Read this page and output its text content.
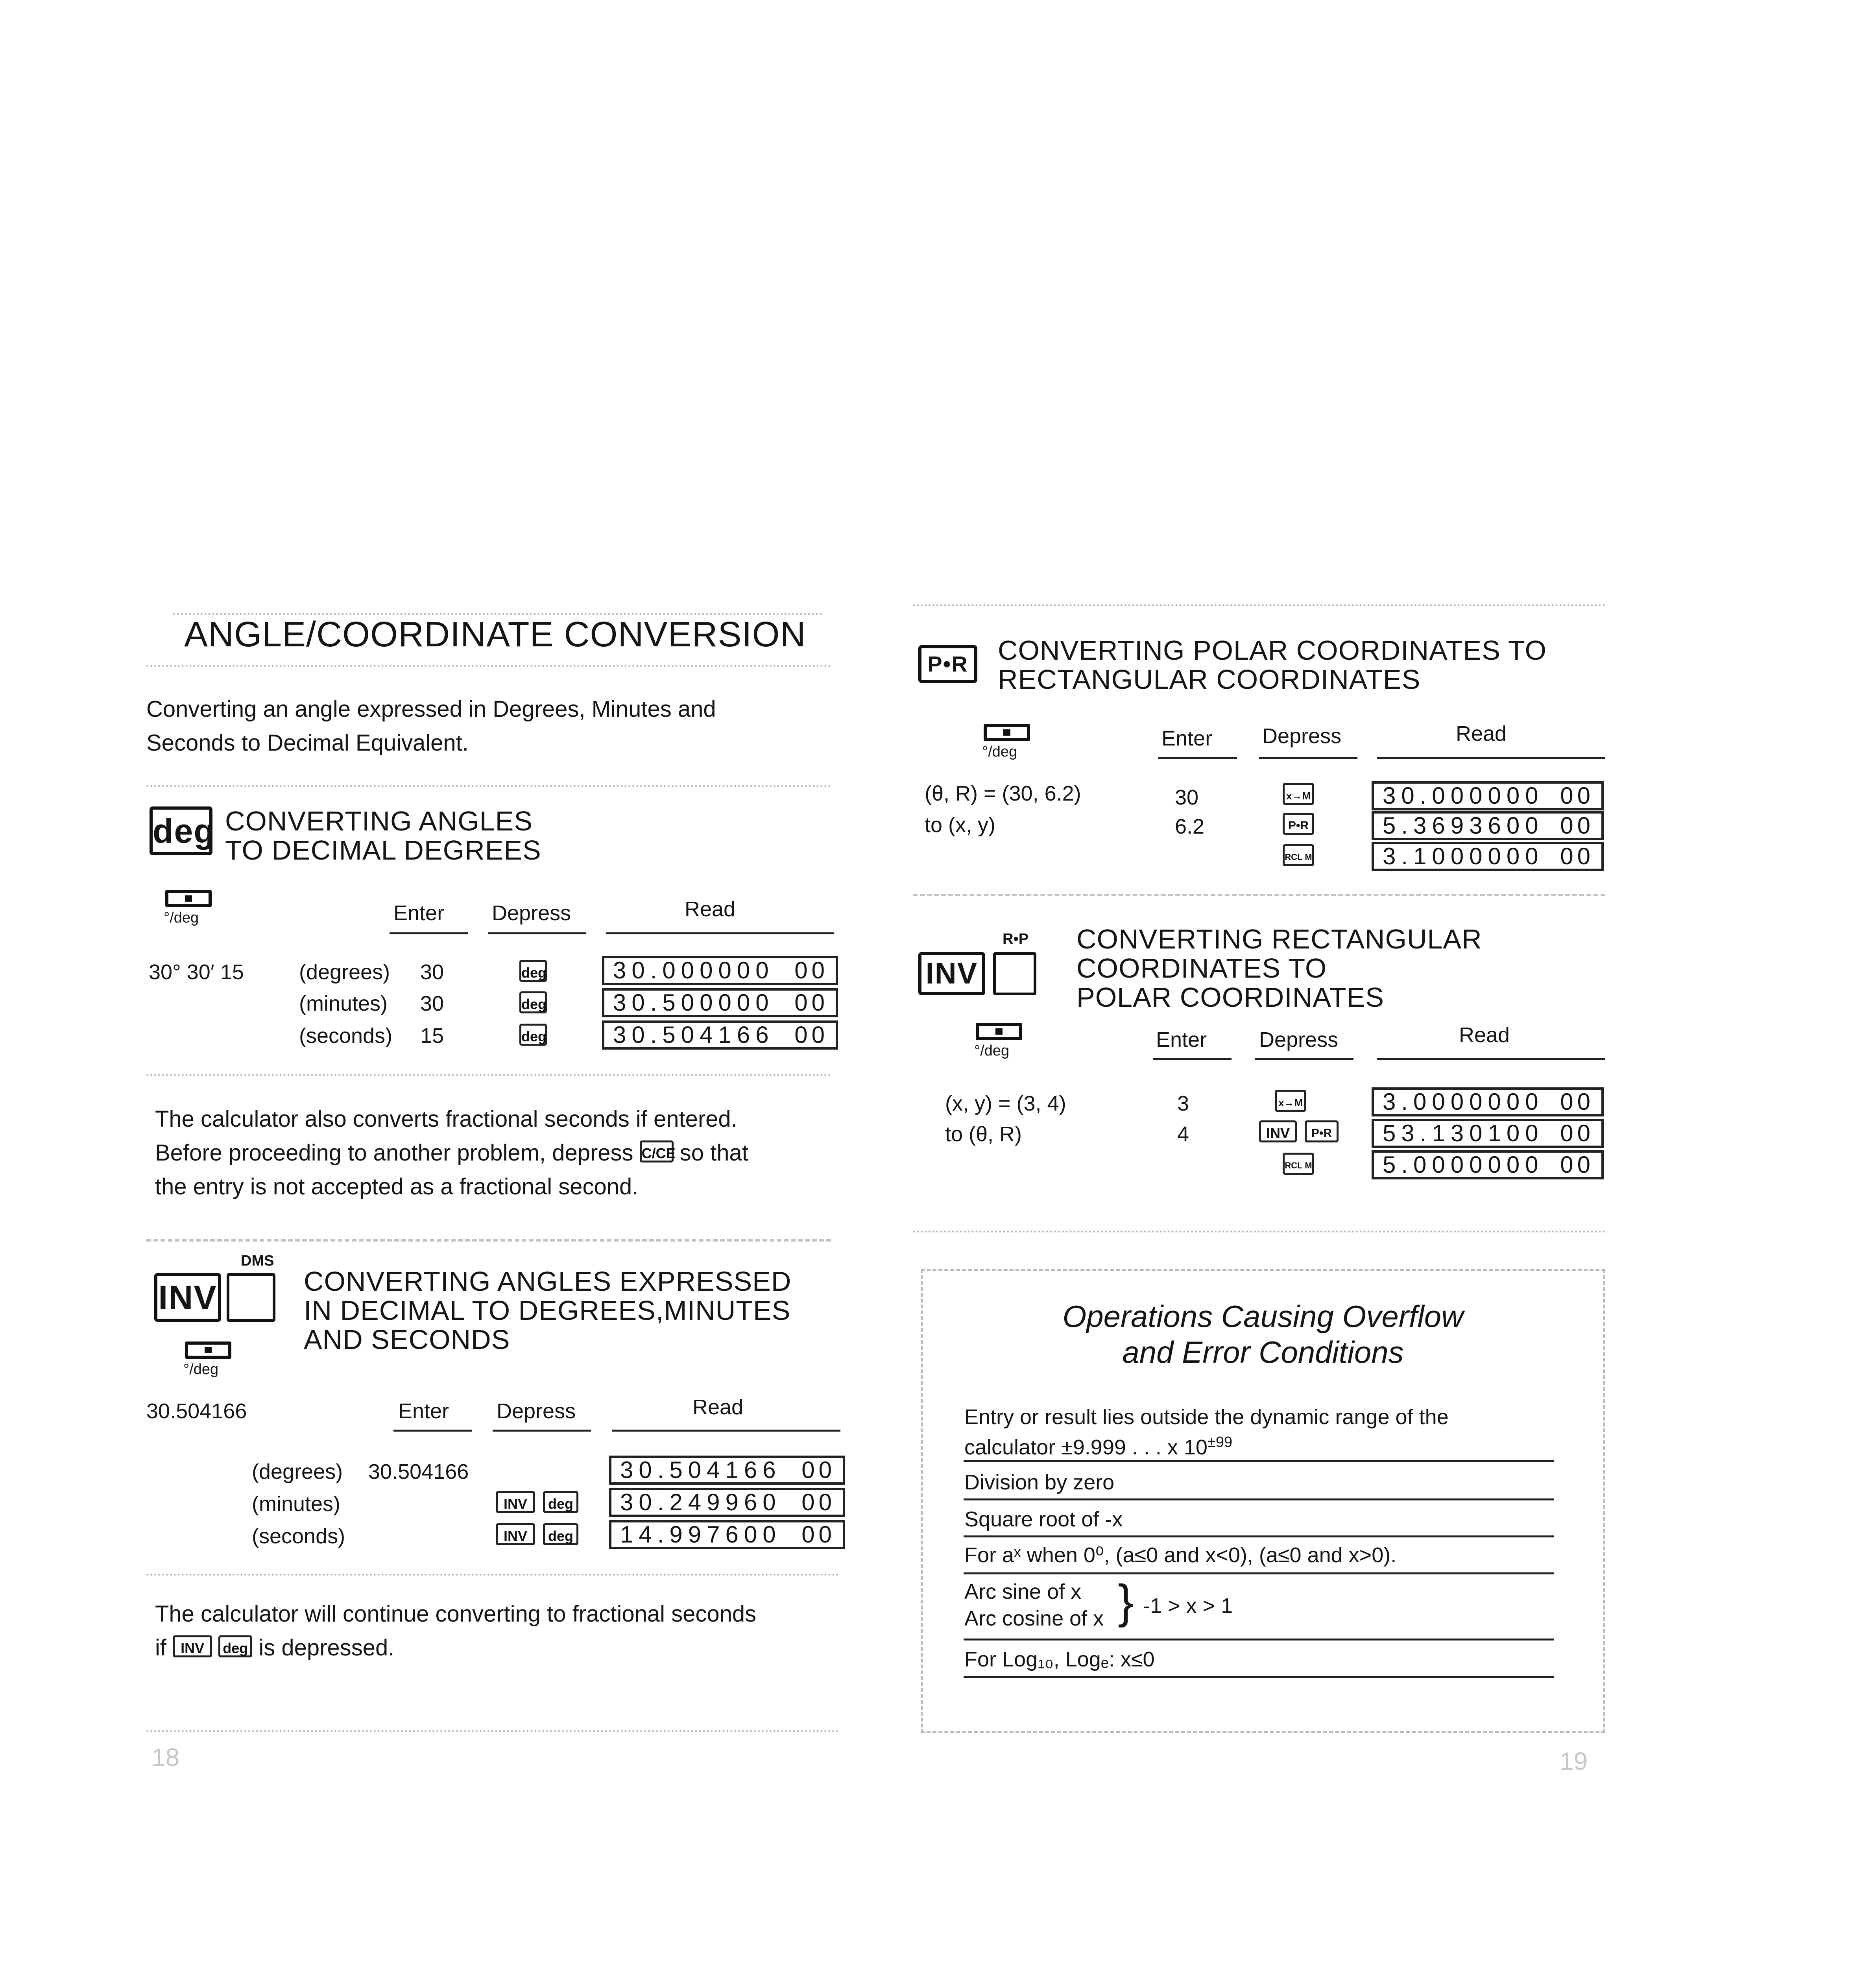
ANGLE/COORDINATE CONVERSION
Converting an angle expressed in Degrees, Minutes and
Seconds to Decimal Equivalent.
deg CONVERTING ANGLES
TO DECIMAL DEGREES
°/deg	Enter Depress	Read
30° 30′ 15	(degrees) 30	deg	30.000000 00
(minutes) 30	deg	30.500000 00
(seconds) 15	deg	30.504166 00
The calculator also converts fractional seconds if entered.
Before proceeding to another problem, depress C/CE so that
the entry is not accepted as a fractional second.
DMS
INV	CONVERTING ANGLES EXPRESSED
IN DECIMAL TO DEGREES,MINUTES
AND SECONDS
°/deg
30.504166	Enter Depress	Read
(degrees) 30.504166	30.504166 00
(minutes)	INV	deg	30.249960 00
(seconds)	INV	deg	14.997600 00
The calculator will continue converting to fractional seconds
if INV deg is depressed.
18
P•R	CONVERTING POLAR COORDINATES TO
RECTANGULAR COORDINATES
°/deg
Enter Depress	Read
(θ, R) = (30, 6.2)
to (x, y)
30	x→M	30.000000 00
6.2	P•R	5.3693600 00
RCL M	3.1000000 00
R•P
INV
CONVERTING RECTANGULAR
COORDINATES TO
POLAR COORDINATES
°/deg	Enter Depress	Read
(x, y) = (3, 4)
to (θ, R)
3	x→M	3.0000000 00
4	INV	P•R	53.130100 00
RCL M	5.0000000 00
Operations Causing Overflow
and Error Conditions
Entry or result lies outside the dynamic range of the
calculator ±9.999 . . . x $10^{\pm 99}$
Division by zero
Square root of -x
For aˣ when 0⁰, (a≤0 and x<0), (a≤0 and x>0).
Arc sine of x
Arc cosine of x } -1 > x > 1
For Log₁₀, Logₑ: x≤0
19
